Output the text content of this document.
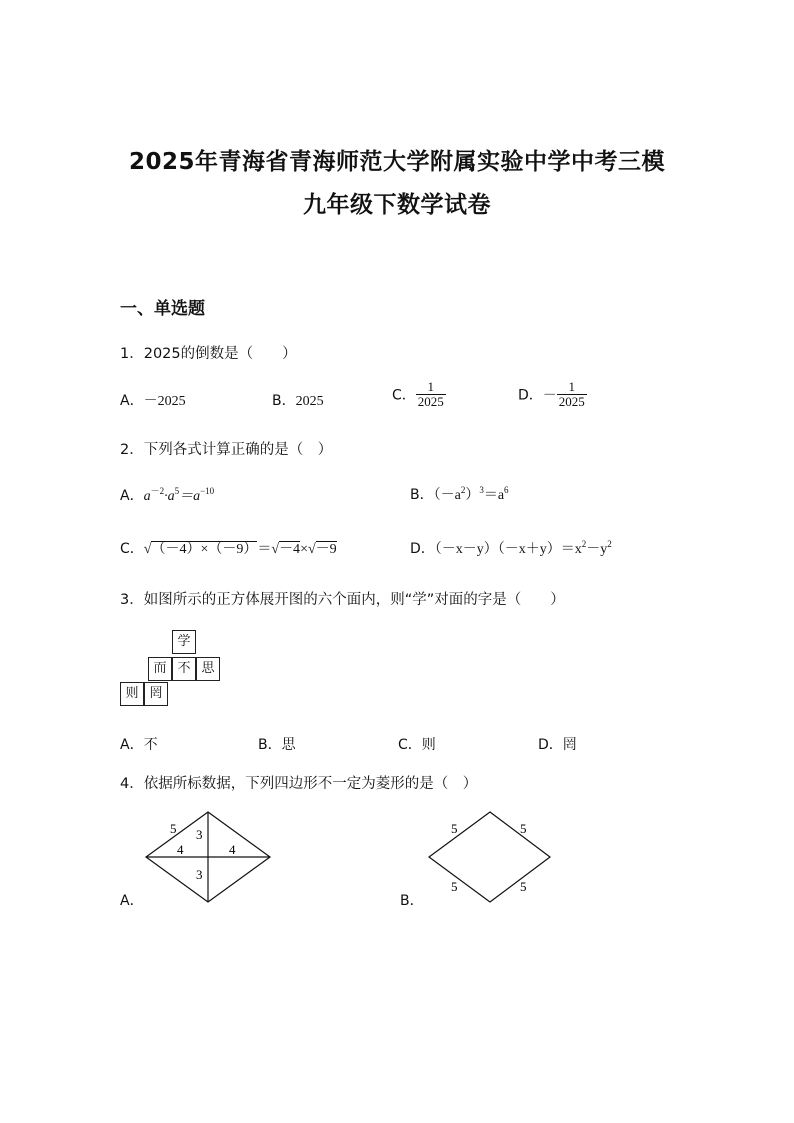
2025年青海省青海师范大学附属实验中学中考三模
九年级下数学试卷
一、单选题
1．2025的倒数是（　　）
A．－2025	B．2025	C． $\frac{1}{2025}$	D．－ $\frac{1}{2025}$
2．下列各式计算正确的是（　）
A．$a^{-2}\cdot a^5=a^{-10}$	B．$(-a^2)^3=a^6$
C．√（－4）×（－9）＝√－4×√－9	D．$(-x-y)(-x+y)=x^2-y^2$
3．如图所示的正方体展开图的六个面内，则“学”对面的字是（　　）
学
而 不 思
则 罔
A．不	B．思	C．则	D．罔
4．依据所标数据，下列四边形不一定为菱形的是（　）
5 3
4	4
3
A．
5	5
5	5
B．
